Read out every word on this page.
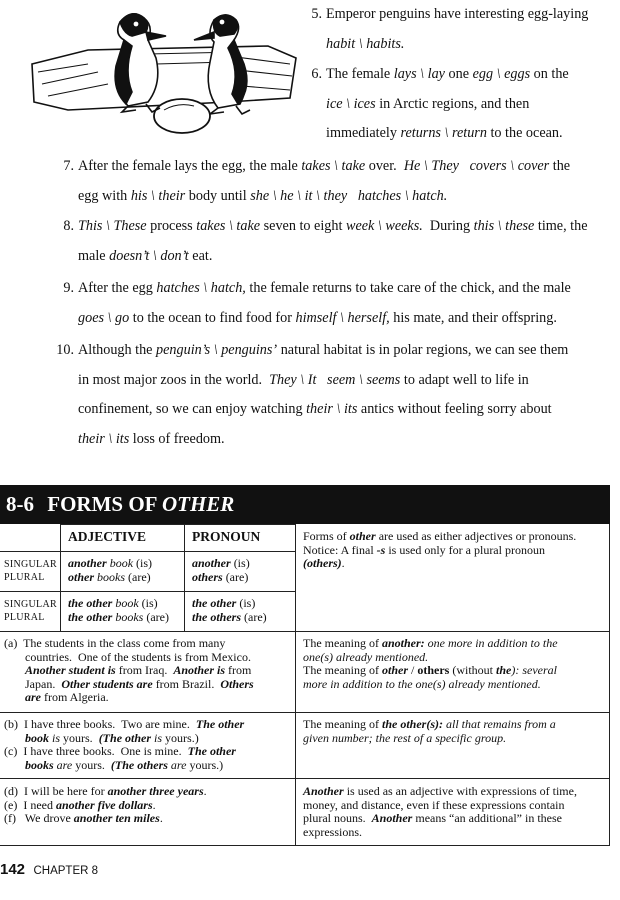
5. Emperor penguins have interesting egg-laying
habit \ habits.
6. The female lays \ lay one egg \ eggs on the
ice \ ices in Arctic regions, and then
immediately returns \ return to the ocean.
7. After the female lays the egg, the male takes \ take over.  He \ They covers \ cover the
egg with his \ their body until she \ he \ it \ they hatches \ hatch.
8. This \ These process takes \ take seven to eight week \ weeks.  During this \ these time, the
male doesn’t \ don’t eat.
9. After the egg hatches \ hatch, the female returns to take care of the chick, and the male
goes \ go to the ocean to find food for himself \ herself, his mate, and their offspring.
10. Although the penguin’s \ penguins’ natural habitat is in polar regions, we can see them
in most major zoos in the world.  They \ It seem \ seems to adapt well to life in
confinement, so we can enjoy watching their \ its antics without feeling sorry about
their \ its loss of freedom.
8-6 FORMS OF OTHER
ADJECTIVE	PRONOUN
SINGULAR
PLURAL
another book (is)
other books (are)
another (is)
others (are)
SINGULAR
PLURAL
the other book (is)
the other books (are)
the other (is)
the others (are)
Forms of other are used as either adjectives or pronouns.
Notice: A final -s is used only for a plural pronoun
(others).
(a)  The students in the class come from many
countries.  One of the students is from Mexico.
Another student is from Iraq.  Another is from
Japan.  Other students are from Brazil.  Others
are from Algeria.
The meaning of another: one more in addition to the
one(s) already mentioned.
The meaning of other / others (without the): several
more in addition to the one(s) already mentioned.
(b)  I have three books.  Two are mine.  The other
book is yours.  (The other is yours.)
(c)  I have three books.  One is mine.  The other
books are yours.  (The others are yours.)
The meaning of the other(s): all that remains from a
given number; the rest of a specific group.
(d)  I will be here for another three years.
(e)  I need another five dollars.
(f)   We drove another ten miles.
Another is used as an adjective with expressions of time,
money, and distance, even if these expressions contain
plural nouns.  Another means “an additional” in these
expressions.
142 CHAPTER 8
